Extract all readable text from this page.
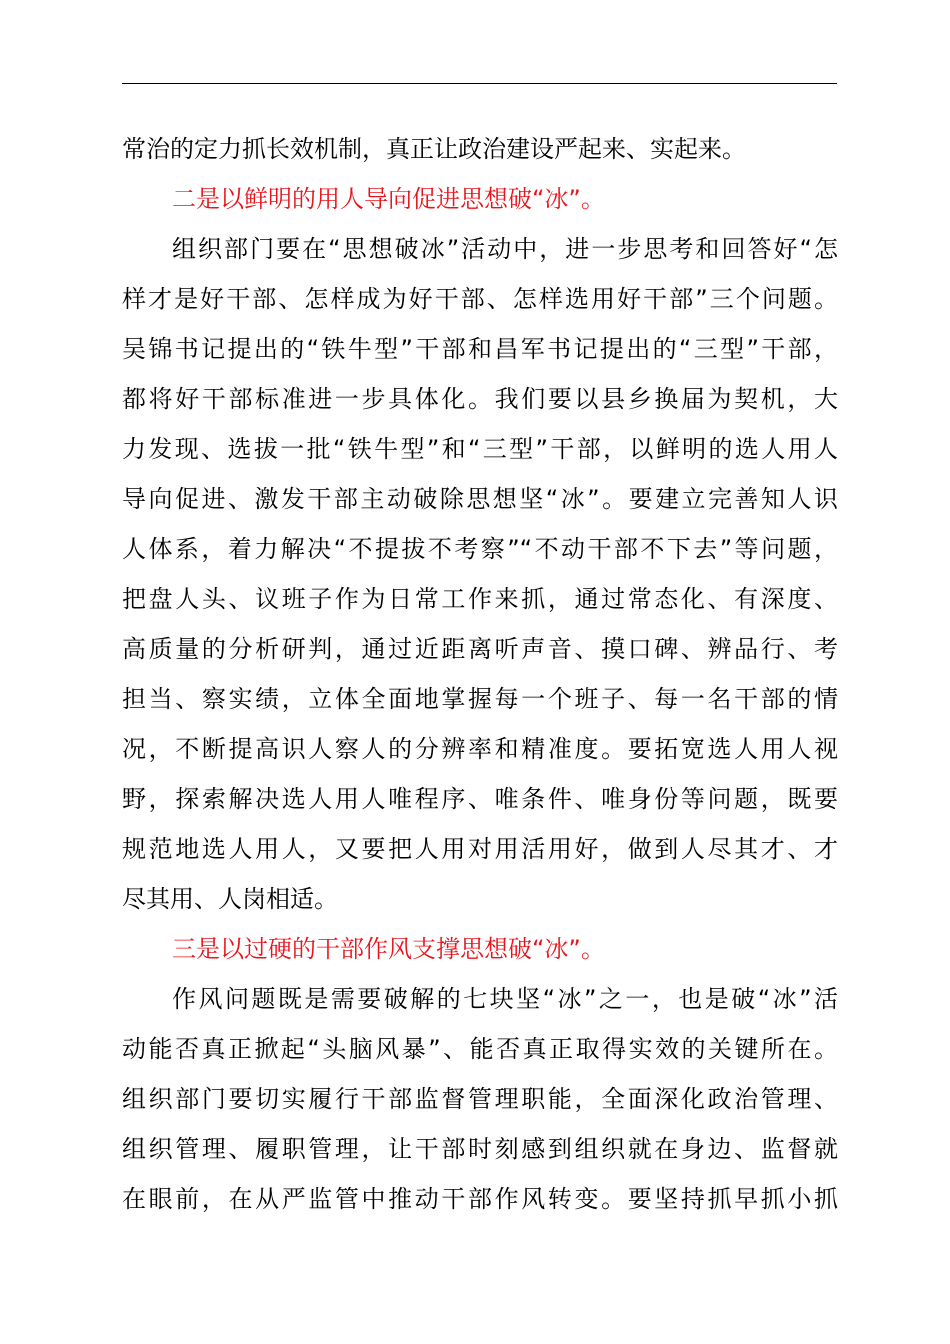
常治的定力抓长效机制，真正让政治建设严起来、实起来。
二是以鲜明的用人导向促进思想破“冰”。
组织部门要在“思想破冰”活动中，进一步思考和回答好“怎
样才是好干部、怎样成为好干部、怎样选用好干部”三个问题。
吴锦书记提出的“铁牛型”干部和昌军书记提出的“三型”干部，
都将好干部标准进一步具体化。我们要以县乡换届为契机，大
力发现、选拔一批“铁牛型”和“三型”干部，以鲜明的选人用人
导向促进、激发干部主动破除思想坚“冰”。要建立完善知人识
人体系，着力解决“不提拔不考察”“不动干部不下去”等问题，
把盘人头、议班子作为日常工作来抓，通过常态化、有深度、
高质量的分析研判，通过近距离听声音、摸口碑、辨品行、考
担当、察实绩，立体全面地掌握每一个班子、每一名干部的情
况，不断提高识人察人的分辨率和精准度。要拓宽选人用人视
野，探索解决选人用人唯程序、唯条件、唯身份等问题，既要
规范地选人用人，又要把人用对用活用好，做到人尽其才、才
尽其用、人岗相适。
三是以过硬的干部作风支撑思想破“冰”。
作风问题既是需要破解的七块坚“冰”之一，也是破“冰”活
动能否真正掀起“头脑风暴”、能否真正取得实效的关键所在。
组织部门要切实履行干部监督管理职能，全面深化政治管理、
组织管理、履职管理，让干部时刻感到组织就在身边、监督就
在眼前，在从严监管中推动干部作风转变。要坚持抓早抓小抓
